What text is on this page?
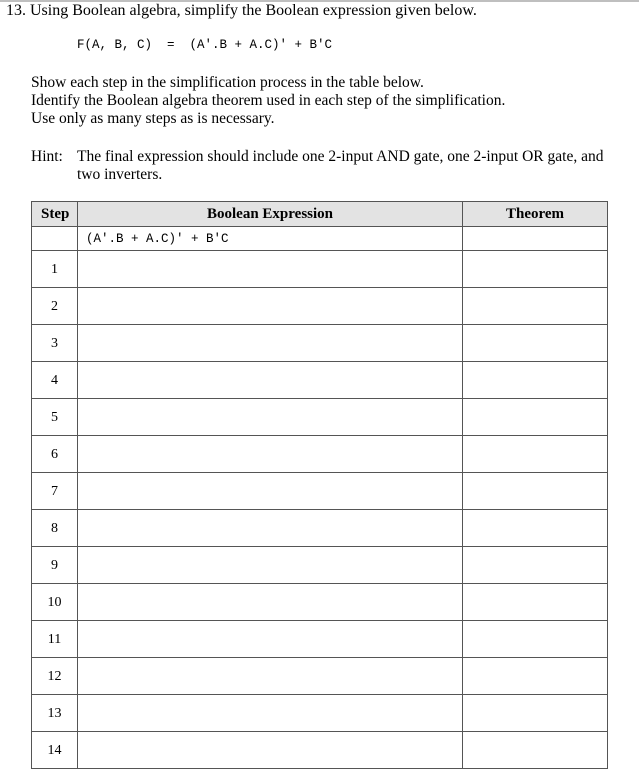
13. Using Boolean algebra, simplify the Boolean expression given below.
F(A, B, C)  =  (A'.B + A.C)' + B'C
Show each step in the simplification process in the table below.
Identify the Boolean algebra theorem used in each step of the simplification.
Use only as many steps as is necessary.
Hint: The final expression should include one 2-input AND gate, one 2-input OR gate, and two inverters.
Step	Boolean Expression	Theorem
	(A'.B + A.C)' + B'C	
1		
2		
3		
4		
5		
6		
7		
8		
9		
10		
11		
12		
13		
14		
